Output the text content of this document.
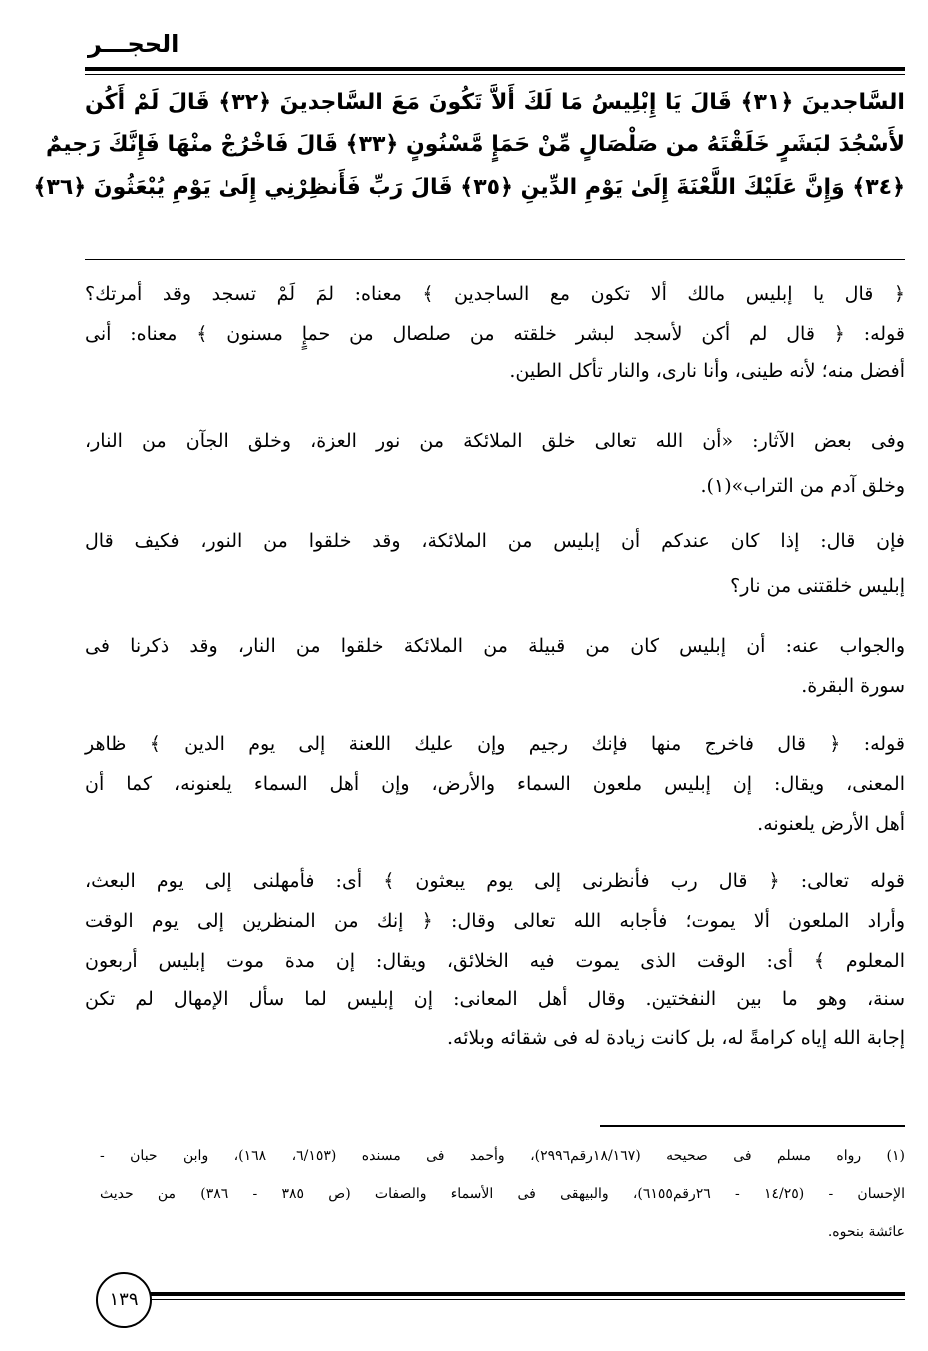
الحجـــر
السَّاجدينَ ﴿٣١﴾ قَالَ يَا إِبْلِيسُ مَا لَكَ أَلاَّ تَكُونَ مَعَ السَّاجدينَ ﴿٣٢﴾ قَالَ لَمْ أَكُن
لأَسْجُدَ لبَشَرٍ خَلَقْتَهُ من صَلْصَالٍ مِّنْ حَمَإٍ مَّسْنُونٍ ﴿٣٣﴾ قَالَ فَاخْرُجْ منْهَا فَإِنَّكَ رَجيمٌ
﴿٣٤﴾ وَإِنَّ عَلَيْكَ اللَّعْنَةَ إِلَىٰ يَوْمِ الدِّينِ ﴿٣٥﴾ قَالَ رَبِّ فَأَنظِرْنِي إِلَىٰ يَوْمِ يُبْعَثُونَ ﴿٣٦﴾
﴿ قال يا إبليس مالك ألا تكون مع الساجدين ﴾ معناه: لمَ لَمْ تسجد وقد أمرتك؟
قوله: ﴿ قال لم أكن لأسجد لبشر خلقته من صلصال من حمإٍ مسنون ﴾ معناه: أنى
أفضل منه؛ لأنه طينى، وأنا نارى، والنار تأكل الطين.
وفى بعض الآثار: «أن الله تعالى خلق الملائكة من نور العزة، وخلق الجآن من النار،
وخلق آدم من التراب»(١).
فإن قال: إذا كان عندكم أن إبليس من الملائكة، وقد خلقوا من النور، فكيف قال
إبليس خلقتنى من نار؟
والجواب عنه: أن إبليس كان من قبيلة من الملائكة خلقوا من النار، وقد ذكرنا فى
سورة البقرة.
قوله: ﴿ قال فاخرج منها فإنك رجيم وإن عليك اللعنة إلى يوم الدين ﴾ ظاهر
المعنى، ويقال: إن إبليس ملعون السماء والأرض، وإن أهل السماء يلعنونه، كما أن
أهل الأرض يلعنونه.
قوله تعالى: ﴿ قال رب فأنظرنى إلى يوم يبعثون ﴾ أى: فأمهلنى إلى يوم البعث،
وأراد الملعون ألا يموت؛ فأجابه الله تعالى وقال: ﴿ إنك من المنظرين إلى يوم الوقت
المعلوم ﴾ أى: الوقت الذى يموت فيه الخلائق، ويقال: إن مدة موت إبليس أربعون
سنة، وهو ما بين النفختين. وقال أهل المعانى: إن إبليس لما سأل الإمهال لم تكن
إجابة الله إياه كرامةً له، بل كانت زيادة له فى شقائه وبلائه.
(١) رواه مسلم فى صحيحه (١٨/١٦٧رقم٢٩٩٦)، وأحمد فى مسنده (٦/١٥٣، ١٦٨)، وابن حبان -
الإحسان - (١٤/٢٥ - ٢٦رقم٦١٥٥)، والبيهقى فى الأسماء والصفات (ص ٣٨٥ - ٣٨٦) من حديث
عائشة بنحوه.
١٣٩
